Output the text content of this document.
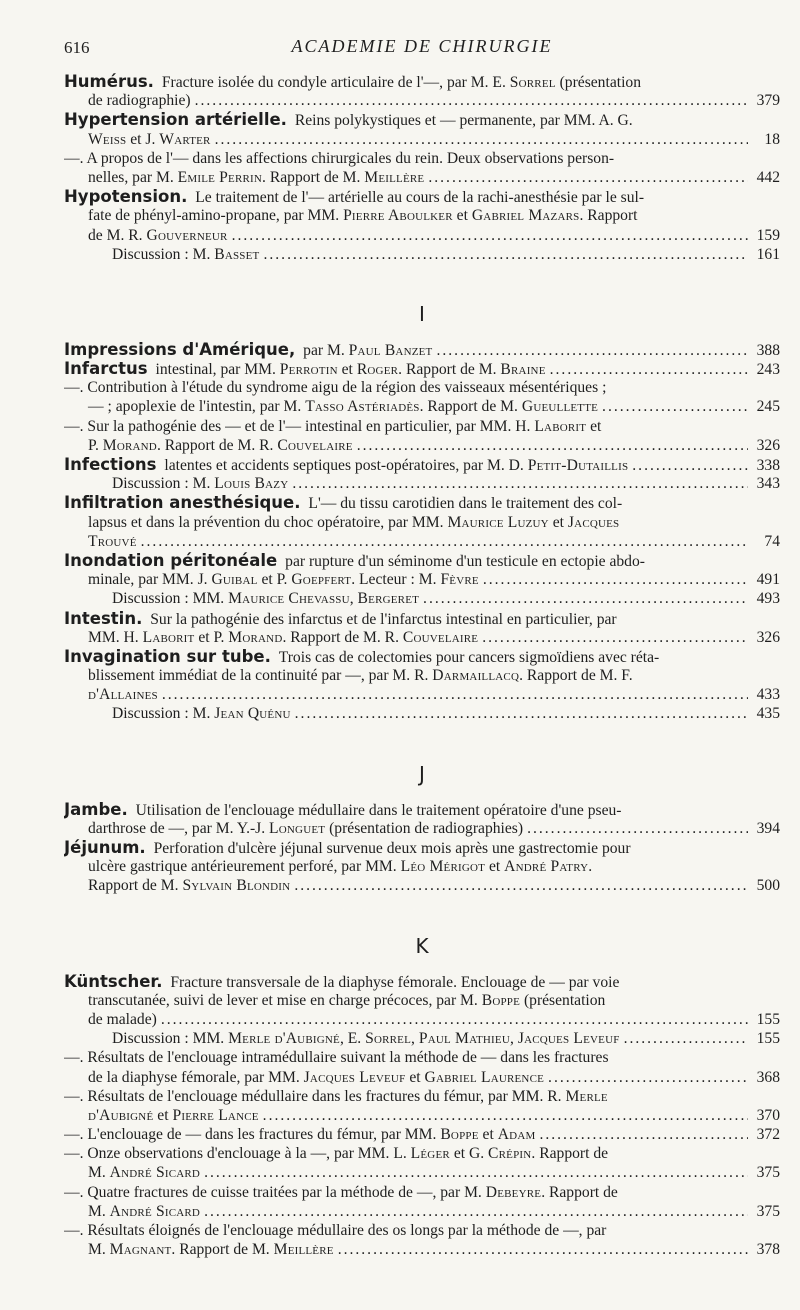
616	ACADEMIE DE CHIRURGIE
Humérus.
Fracture isolée du condyle articulaire de l'—, par M. E.
Sorrel
(présentation
de radiographie) .....	379
Hypertension artérielle.
Reins polykystiques et — permanente, par MM. A. G.
Weiss
et J.
Warter .....	18
—. A propos de l'— dans les affections chirurgicales du rein. Deux observations person-
nelles, par M.
Emile Perrin . Rapport de M.
Meillère .....	442
Hypotension.
Le traitement de l'— artérielle au cours de la rachi-anesthésie par le sul-
fate de phényl-amino-propane, par MM.
Pierre Aboulker
et
Gabriel Mazars . Rapport
de M. R.
Gouverneur .....	159
Discussion : M.
Basset .....	161
I
Impressions d'Amérique,
par M.
Paul Banzet .....	388
Infarctus
intestinal, par MM.
Perrotin
et
Roger . Rapport de M.
Braine .....	243
—. Contribution à l'étude du syndrome aigu de la région des vaisseaux mésentériques ;
— ; apoplexie de l'intestin, par M.
Tasso Astériadès . Rapport de M.
Gueullette .....	245
—. Sur la pathogénie des — et de l'— intestinal en particulier, par MM. H.
Laborit
et
P.
Morand . Rapport de M. R.
Couvelaire .....	326
Infections
latentes et accidents septiques post-opératoires, par M. D.
Petit-Dutaillis .....	338
Discussion : M.
Louis Bazy .....	343
Infiltration anesthésique.
L'— du tissu carotidien dans le traitement des col-
lapsus et dans la prévention du choc opératoire, par MM.
Maurice Luzuy
et
Jacques
Trouvé .....	74
Inondation péritonéale
par rupture d'un séminome d'un testicule en ectopie abdo-
minale, par MM. J.
Guibal
et P.
Goepfert . Lecteur : M.
Fèvre .....	491
Discussion : MM.
Maurice Chevassu ,
Bergeret .....	493
Intestin.
Sur la pathogénie des infarctus et de l'infarctus intestinal en particulier, par
MM. H.
Laborit
et P.
Morand . Rapport de M. R.
Couvelaire .....	326
Invagination sur tube.
Trois cas de colectomies pour cancers sigmoïdiens avec réta-
blissement immédiat de la continuité par —, par M. R.
Darmaillacq . Rapport de M. F.
d'Allaines .....	433
Discussion : M.
Jean Quénu .....	435
J
Jambe.
Utilisation de l'enclouage médullaire dans le traitement opératoire d'une pseu-
darthrose de —, par M. Y.-J.
Longuet
(présentation de radiographies) .....	394
Jéjunum.
Perforation d'ulcère jéjunal survenue deux mois après une gastrectomie pour
ulcère gastrique antérieurement perforé, par MM.
Léo Mérigot
et
André Patry .
Rapport de M.
Sylvain Blondin .....	500
K
Küntscher.
Fracture transversale de la diaphyse fémorale. Enclouage de — par voie
transcutanée, suivi de lever et mise en charge précoces, par M.
Boppe
(présentation
de malade) .....	155
Discussion : MM.
Merle d'Aubigné , E.
Sorrel ,
Paul Mathieu ,
Jacques Leveuf .....	155
—. Résultats de l'enclouage intramédullaire suivant la méthode de — dans les fractures
de la diaphyse fémorale, par MM.
Jacques Leveuf
et
Gabriel Laurence .....	368
—. Résultats de l'enclouage médullaire dans les fractures du fémur, par MM. R.
Merle
d'Aubigné
et
Pierre Lance .....	370
—. L'enclouage de — dans les fractures du fémur, par MM.
Boppe
et
Adam .....	372
—. Onze observations d'enclouage à la —, par MM. L.
Léger
et G.
Crépin . Rapport de
M.
André Sicard .....	375
—. Quatre fractures de cuisse traitées par la méthode de —, par M.
Debeyre . Rapport de
M.
André Sicard .....	375
—. Résultats éloignés de l'enclouage médullaire des os longs par la méthode de —, par
M.
Magnant . Rapport de M.
Meillère .....	378
